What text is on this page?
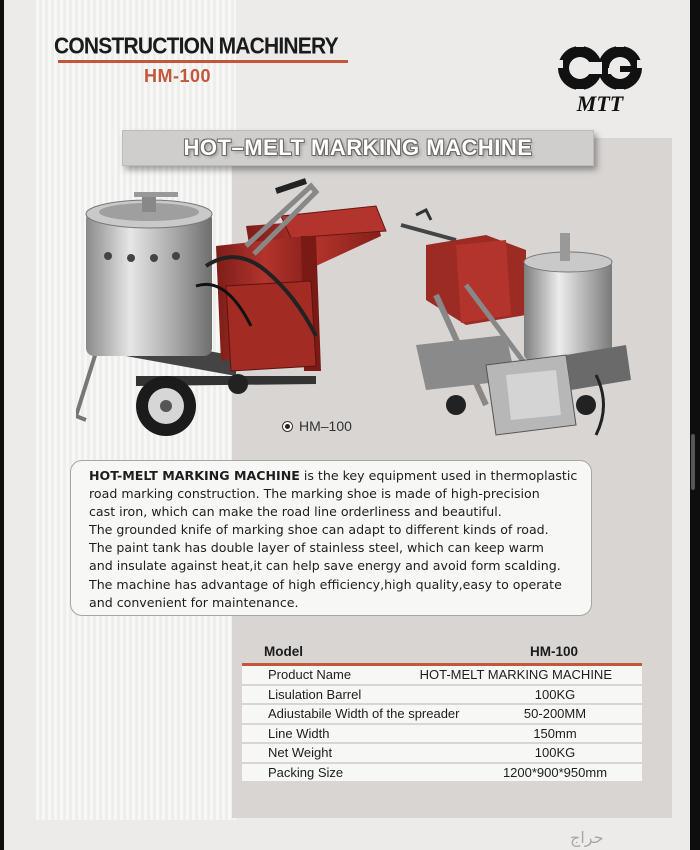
CONSTRUCTION MACHINERY
HM-100
MTT
HOT–MELT MARKING MACHINE
HM–100
HOT-MELT MARKING MACHINE is the key equipment used in thermoplastic
road marking construction. The marking shoe is made of high-precision
cast iron, which can make the road line orderliness and beautiful.
The grounded knife of marking shoe can adapt to different kinds of road.
The paint tank has double layer of stainless steel, which can keep warm
and insulate against heat,it can help save energy and avoid form scalding.
The machine has advantage of high efficiency,high quality,easy to operate
and convenient for maintenance.
Model	HM-100
Product Name	HOT-MELT MARKING MACHINE
Lisulation Barrel	100KG
Adiustabile Width of the spreader	50-200MM
Line Width	150mm
Net Weight	100KG
Packing Size	1200*900*950mm
حراج
